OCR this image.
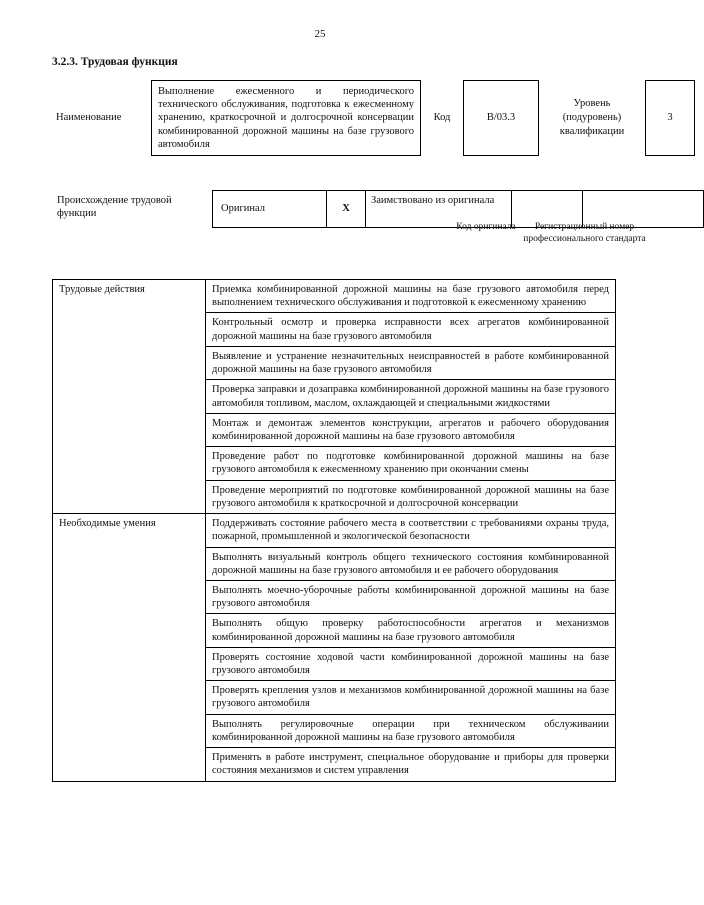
25
3.2.3. Трудовая функция
Наименование	Выполнение ежесменного и периодического технического обслуживания, подготовка к ежесменному хранению, краткосрочной и долгосрочной консервации комбинированной дорожной машины на базе грузового автомобиля	Код	В/03.3	Уровень (подуровень) квалификации	3
Происхождение трудовой функции	Оригинал	X	Заимствовано из оригинала		
Код оригинала	Регистрационный номер профессионального стандарта
Трудовые действия	Приемка комбинированной дорожной машины на базе грузового автомобиля перед выполнением технического обслуживания и подготовкой к ежесменному хранению
	Контрольный осмотр и проверка исправности всех агрегатов комбинированной дорожной машины на базе грузового автомобиля
	Выявление и устранение незначительных неисправностей в работе комбинированной дорожной машины на базе грузового автомобиля
	Проверка заправки и дозаправка комбинированной дорожной машины на базе грузового автомобиля топливом, маслом, охлаждающей и специальными жидкостями
	Монтаж и демонтаж элементов конструкции, агрегатов и рабочего оборудования комбинированной дорожной машины на базе грузового автомобиля
	Проведение работ по подготовке комбинированной дорожной машины на базе грузового автомобиля к ежесменному хранению при окончании смены
	Проведение мероприятий по подготовке комбинированной дорожной машины на базе грузового автомобиля к краткосрочной и долгосрочной консервации
Необходимые умения	Поддерживать состояние рабочего места в соответствии с требованиями охраны труда, пожарной, промышленной и экологической безопасности
	Выполнять визуальный контроль общего технического состояния комбинированной дорожной машины на базе грузового автомобиля и ее рабочего оборудования
	Выполнять моечно-уборочные работы комбинированной дорожной машины на базе грузового автомобиля
	Выполнять общую проверку работоспособности агрегатов и механизмов комбинированной дорожной машины на базе грузового автомобиля
	Проверять состояние ходовой части комбинированной дорожной машины на базе грузового автомобиля
	Проверять крепления узлов и механизмов комбинированной дорожной машины на базе грузового автомобиля
	Выполнять регулировочные операции при техническом обслуживании комбинированной дорожной машины на базе грузового автомобиля
	Применять в работе инструмент, специальное оборудование и приборы для проверки состояния механизмов и систем управления
